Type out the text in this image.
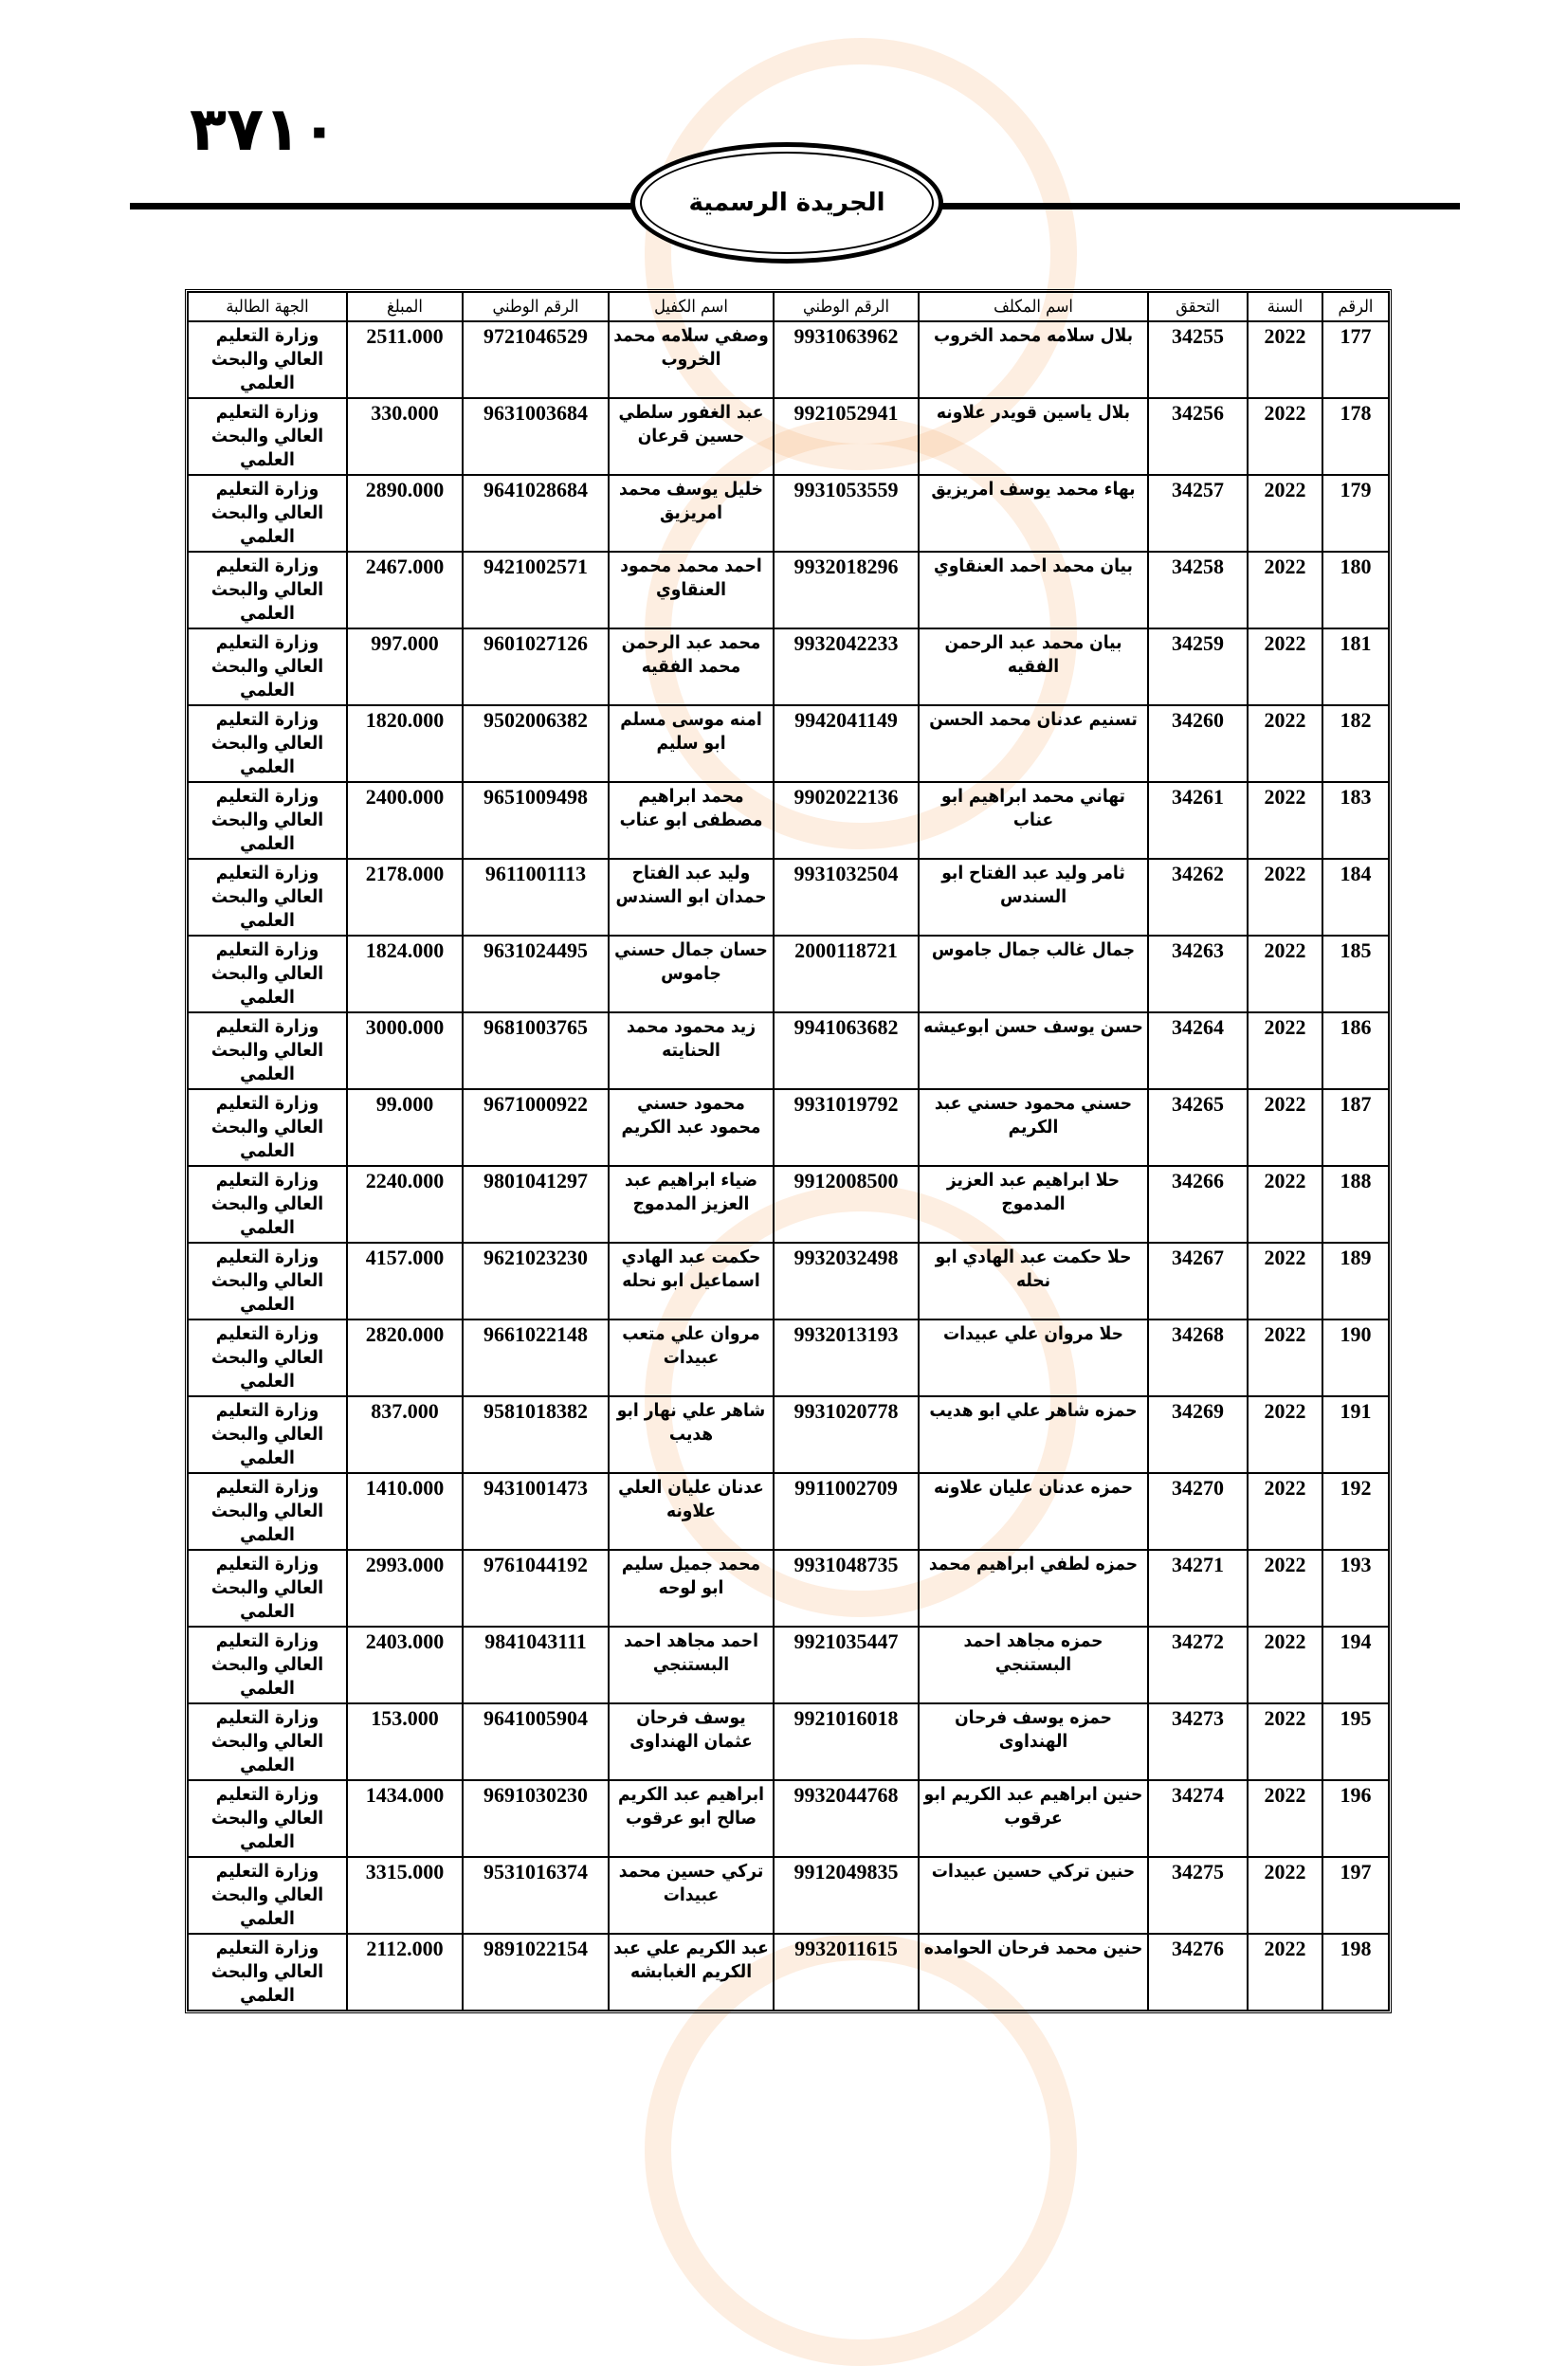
٣٧١٠
الجريدة الرسمية
الرقم	السنة	التحقق	اسم المكلف	الرقم الوطني	اسم الكفيل	الرقم الوطني	المبلغ	الجهة الطالبة
177	2022	34255	بلال سلامه محمد الخروب	9931063962	وصفي سلامه محمد الخروب	9721046529	2511.000	وزارة التعليم العالي والبحث العلمي
178	2022	34256	بلال ياسين قويدر علاونه	9921052941	عبد الغفور سلطي حسين قرعان	9631003684	330.000	وزارة التعليم العالي والبحث العلمي
179	2022	34257	بهاء محمد يوسف امريزيق	9931053559	خليل يوسف محمد امريزيق	9641028684	2890.000	وزارة التعليم العالي والبحث العلمي
180	2022	34258	بيان محمد احمد العنقاوي	9932018296	احمد محمد محمود العنقاوي	9421002571	2467.000	وزارة التعليم العالي والبحث العلمي
181	2022	34259	بيان محمد عبد الرحمن الفقيه	9932042233	محمد عبد الرحمن محمد الفقيه	9601027126	997.000	وزارة التعليم العالي والبحث العلمي
182	2022	34260	تسنيم عدنان محمد الحسن	9942041149	امنه موسى مسلم ابو سليم	9502006382	1820.000	وزارة التعليم العالي والبحث العلمي
183	2022	34261	تهاني محمد ابراهيم ابو عناب	9902022136	محمد ابراهيم مصطفى ابو عناب	9651009498	2400.000	وزارة التعليم العالي والبحث العلمي
184	2022	34262	ثامر وليد عبد الفتاح ابو السندس	9931032504	وليد عبد الفتاح حمدان ابو السندس	9611001113	2178.000	وزارة التعليم العالي والبحث العلمي
185	2022	34263	جمال غالب جمال جاموس	2000118721	حسان جمال حسني جاموس	9631024495	1824.000	وزارة التعليم العالي والبحث العلمي
186	2022	34264	حسن يوسف حسن ابوعيشه	9941063682	زيد محمود محمد الحنايته	9681003765	3000.000	وزارة التعليم العالي والبحث العلمي
187	2022	34265	حسني محمود حسني عبد الكريم	9931019792	محمود حسني محمود عبد الكريم	9671000922	99.000	وزارة التعليم العالي والبحث العلمي
188	2022	34266	حلا ابراهيم عبد العزيز المدموج	9912008500	ضياء ابراهيم عبد العزيز المدموج	9801041297	2240.000	وزارة التعليم العالي والبحث العلمي
189	2022	34267	حلا حكمت عبد الهادي ابو نحله	9932032498	حكمت عبد الهادي اسماعيل ابو نحله	9621023230	4157.000	وزارة التعليم العالي والبحث العلمي
190	2022	34268	حلا مروان علي عبيدات	9932013193	مروان علي متعب عبيدات	9661022148	2820.000	وزارة التعليم العالي والبحث العلمي
191	2022	34269	حمزه شاهر علي ابو هديب	9931020778	شاهر علي نهار ابو هديب	9581018382	837.000	وزارة التعليم العالي والبحث العلمي
192	2022	34270	حمزه عدنان عليان علاونه	9911002709	عدنان عليان العلي علاونه	9431001473	1410.000	وزارة التعليم العالي والبحث العلمي
193	2022	34271	حمزه لطفي ابراهيم محمد	9931048735	محمد جميل سليم ابو لوحه	9761044192	2993.000	وزارة التعليم العالي والبحث العلمي
194	2022	34272	حمزه مجاهد احمد البستنجي	9921035447	احمد مجاهد احمد البستنجي	9841043111	2403.000	وزارة التعليم العالي والبحث العلمي
195	2022	34273	حمزه يوسف فرحان الهنداوى	9921016018	يوسف فرحان عثمان الهنداوى	9641005904	153.000	وزارة التعليم العالي والبحث العلمي
196	2022	34274	حنين ابراهيم عبد الكريم ابو عرقوب	9932044768	ابراهيم عبد الكريم صالح ابو عرقوب	9691030230	1434.000	وزارة التعليم العالي والبحث العلمي
197	2022	34275	حنين تركي حسين عبيدات	9912049835	تركي حسين محمد عبيدات	9531016374	3315.000	وزارة التعليم العالي والبحث العلمي
198	2022	34276	حنين محمد فرحان الحوامده	9932011615	عبد الكريم علي عبد الكريم الغبابشه	9891022154	2112.000	وزارة التعليم العالي والبحث العلمي
